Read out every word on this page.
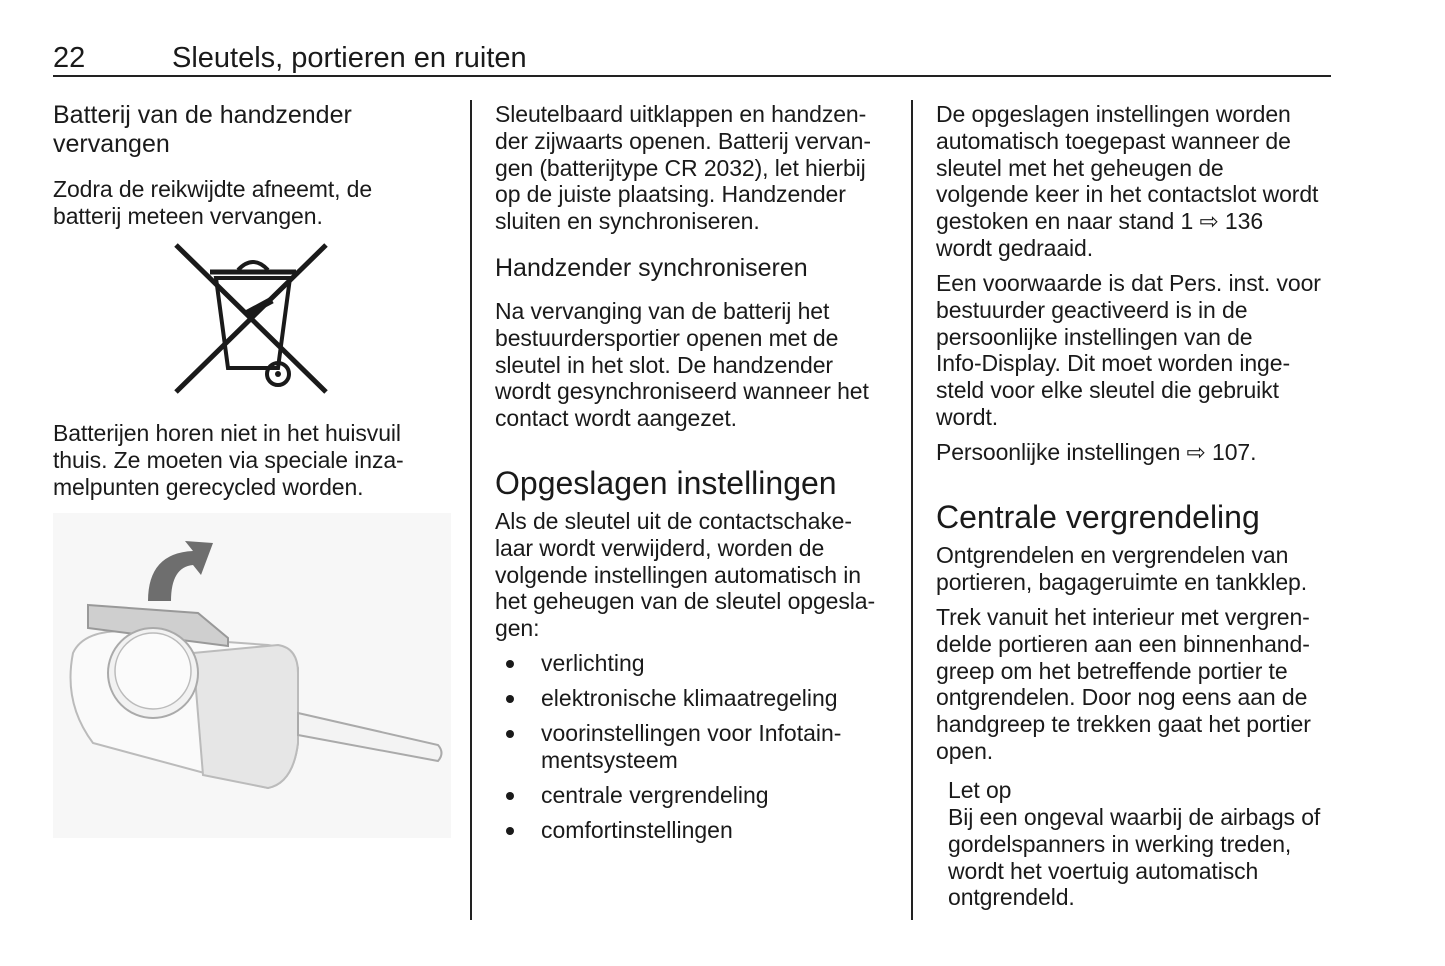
22	Sleutels, portieren en ruiten
Batterij van de handzender
vervangen
Zodra de reikwijdte afneemt, de
batterij meteen vervangen.
Batterijen horen niet in het huisvuil
thuis. Ze moeten via speciale inza-
melpunten gerecycled worden.
Sleutelbaard uitklappen en handzen-
der zijwaarts openen. Batterij vervan-
gen (batterijtype CR 2032), let hierbij
op de juiste plaatsing. Handzender
sluiten en synchroniseren.
Handzender synchroniseren
Na vervanging van de batterij het
bestuurdersportier openen met de
sleutel in het slot. De handzender
wordt gesynchroniseerd wanneer het
contact wordt aangezet.
Opgeslagen instellingen
Als de sleutel uit de contactschake-
laar wordt verwijderd, worden de
volgende instellingen automatisch in
het geheugen van de sleutel opgesla-
gen:
verlichting
elektronische klimaatregeling
voorinstellingen voor Infotain-
mentsysteem
centrale vergrendeling
comfortinstellingen
De opgeslagen instellingen worden
automatisch toegepast wanneer de
sleutel met het geheugen de
volgende keer in het contactslot wordt
gestoken en naar stand 1 ⇨ 136
wordt gedraaid.
Een voorwaarde is dat Pers. inst. voor
bestuurder geactiveerd is in de
persoonlijke instellingen van de
Info-Display. Dit moet worden inge-
steld voor elke sleutel die gebruikt
wordt.
Persoonlijke instellingen ⇨ 107.
Centrale vergrendeling
Ontgrendelen en vergrendelen van
portieren, bagageruimte en tankklep.
Trek vanuit het interieur met vergren-
delde portieren aan een binnenhand-
greep om het betreffende portier te
ontgrendelen. Door nog eens aan de
handgreep te trekken gaat het portier
open.
Let op
Bij een ongeval waarbij de airbags of
gordelspanners in werking treden,
wordt het voertuig automatisch
ontgrendeld.
